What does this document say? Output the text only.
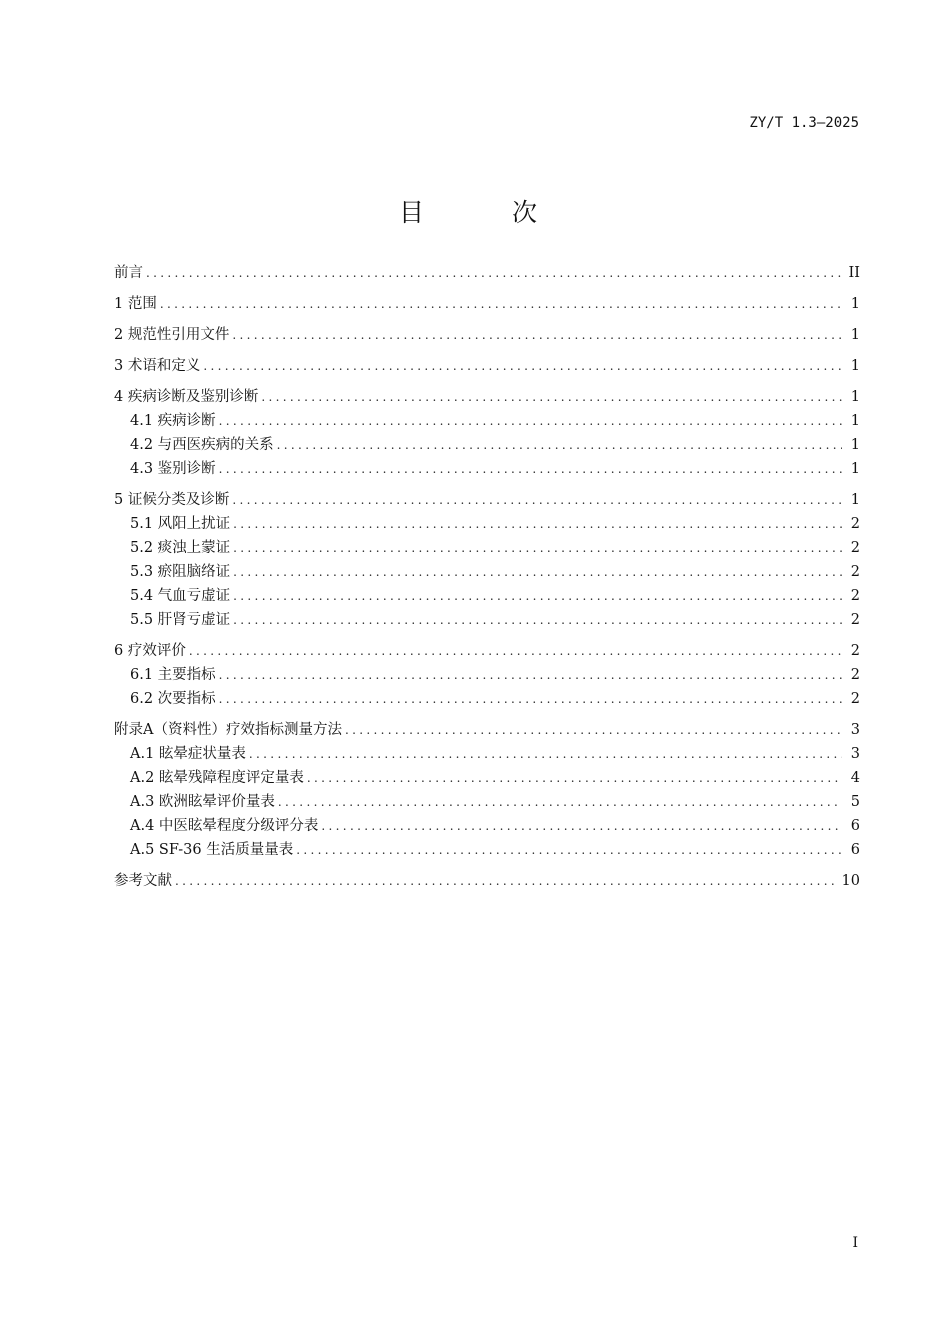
ZY/T 1.3—2025
目 次
前言 . . .	II
1 范围 . . .	1
2 规范性引用文件 . . .	1
3 术语和定义 . . .	1
4 疾病诊断及鉴别诊断 . . .	1
4.1 疾病诊断 . . .	1
4.2 与西医疾病的关系 . . .	1
4.3 鉴别诊断 . . .	1
5 证候分类及诊断 . . .	1
5.1 风阳上扰证 . . .	2
5.2 痰浊上蒙证 . . .	2
5.3 瘀阻脑络证 . . .	2
5.4 气血亏虚证 . . .	2
5.5 肝肾亏虚证 . . .	2
6 疗效评价 . . .	2
6.1 主要指标 . . .	2
6.2 次要指标 . . .	2
附录A（资料性）疗效指标测量方法 . . .	3
A.1 眩晕症状量表 . . .	3
A.2 眩晕残障程度评定量表 . . .	4
A.3 欧洲眩晕评价量表 . . .	5
A.4 中医眩晕程度分级评分表 . . .	6
A.5 SF-36 生活质量量表 . . .	6
参考文献 . . .	10
I
